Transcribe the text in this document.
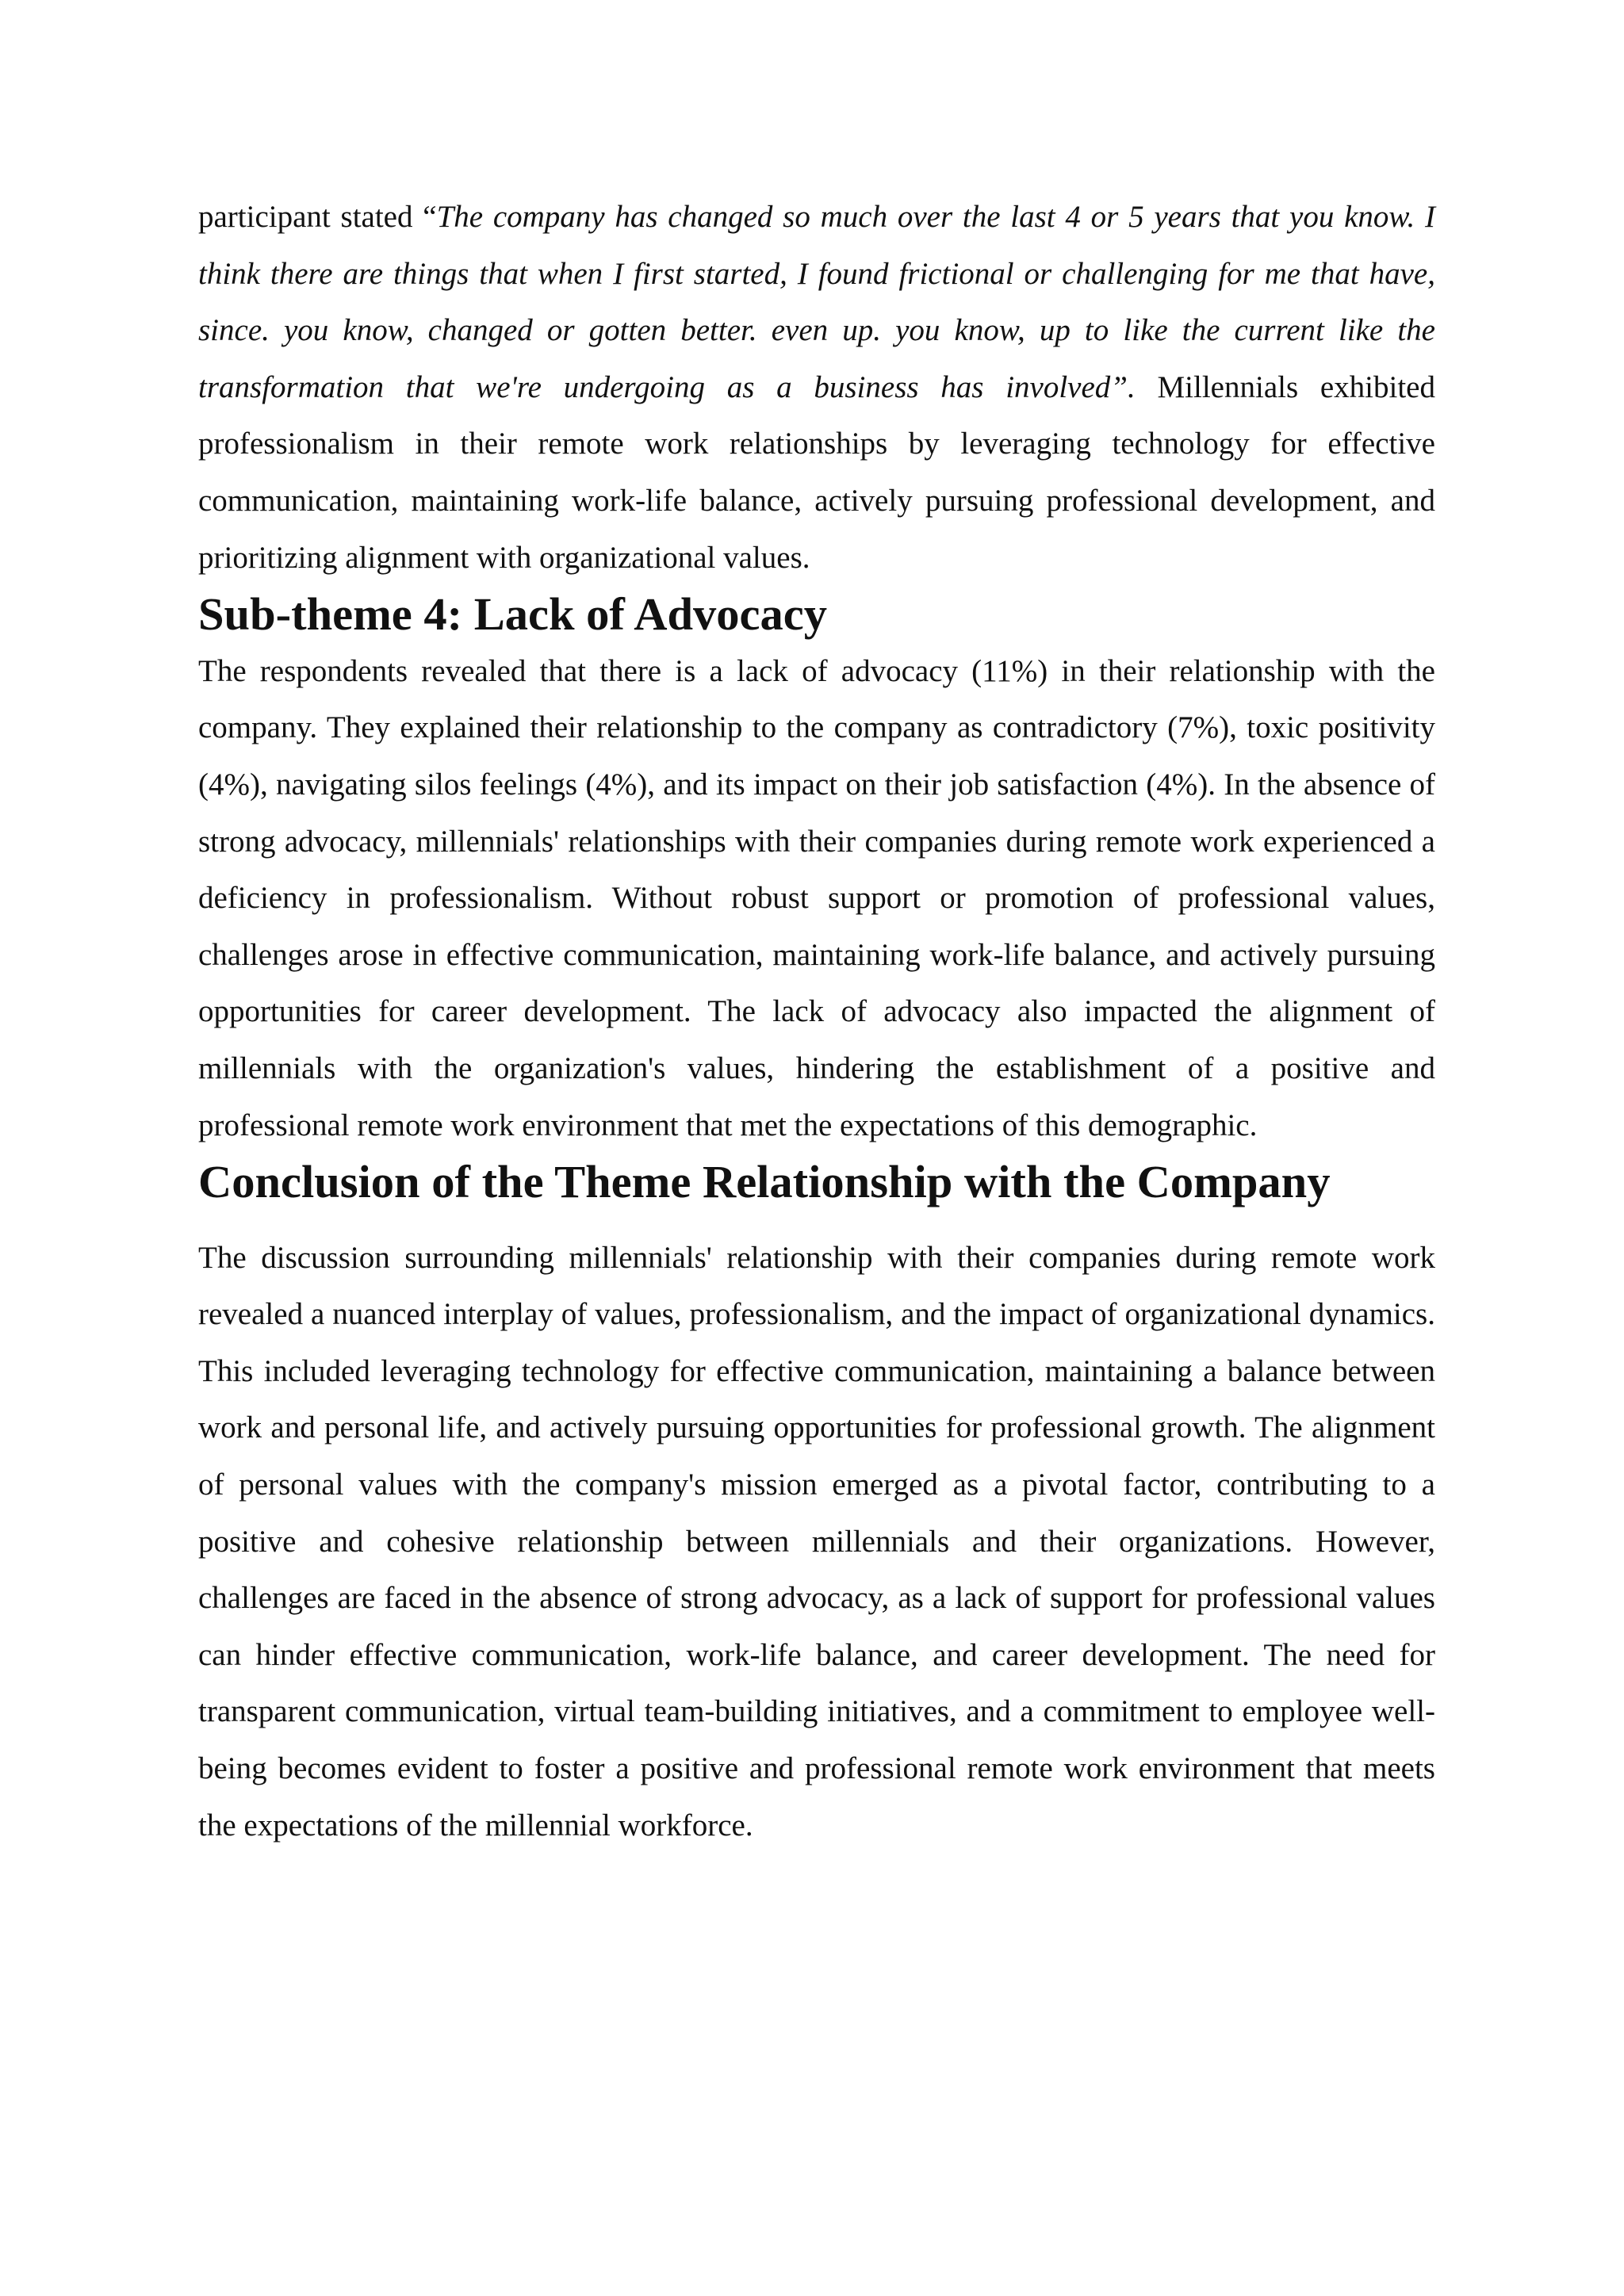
participant stated “The company has changed so much over the last 4 or 5 years that you know. I think there are things that when I first started, I found frictional or challenging for me that have, since. you know, changed or gotten better. even up. you know, up to like the current like the transformation that we're undergoing as a business has involved”. Millennials exhibited professionalism in their remote work relationships by leveraging technology for effective communication, maintaining work-life balance, actively pursuing professional development, and prioritizing alignment with organizational values.

Sub-theme 4: Lack of Advocacy

The respondents revealed that there is a lack of advocacy (11%) in their relationship with the company. They explained their relationship to the company as contradictory (7%), toxic positivity (4%), navigating silos feelings (4%), and its impact on their job satisfaction (4%). In the absence of strong advocacy, millennials' relationships with their companies during remote work experienced a deficiency in professionalism. Without robust support or promotion of professional values, challenges arose in effective communication, maintaining work-life balance, and actively pursuing opportunities for career development. The lack of advocacy also impacted the alignment of millennials with the organization's values, hindering the establishment of a positive and professional remote work environment that met the expectations of this demographic.

Conclusion of the Theme Relationship with the Company

The discussion surrounding millennials' relationship with their companies during remote work revealed a nuanced interplay of values, professionalism, and the impact of organizational dynamics. This included leveraging technology for effective communication, maintaining a balance between work and personal life, and actively pursuing opportunities for professional growth. The alignment of personal values with the company's mission emerged as a pivotal factor, contributing to a positive and cohesive relationship between millennials and their organizations. However, challenges are faced in the absence of strong advocacy, as a lack of support for professional values can hinder effective communication, work-life balance, and career development. The need for transparent communication, virtual team-building initiatives, and a commitment to employee well-being becomes evident to foster a positive and professional remote work environment that meets the expectations of the millennial workforce.
